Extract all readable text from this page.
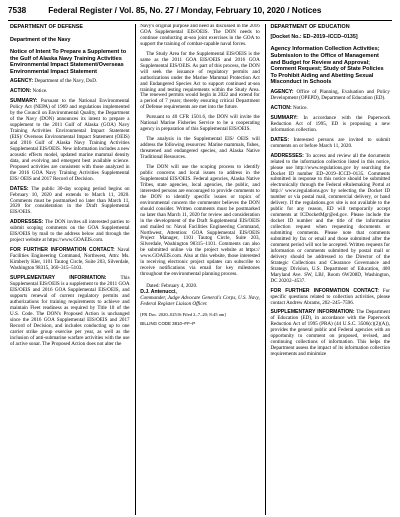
7538	Federal Register / Vol. 85, No. 27 / Monday, February 10, 2020 / Notices
DEPARTMENT OF DEFENSE
Department of the Navy
Notice of Intent To Prepare a Supplement to the Gulf of Alaska Navy Training Activities Environmental Impact Statement/Overseas Environmental Impact Statement

AGENCY: Department of the Navy, DoD.

ACTION: Notice.

SUMMARY: Pursuant to the National Environmental Policy Act (NEPA) of 1969 and regulations implemented by the Council on Environmental Quality, the Department of the Navy (DON) announces its intent to prepare a supplement to the 2011 Gulf of Alaska (GOA) Navy Training Activities Environmental Impact Statement (EIS)/ Overseas Environmental Impact Statement (OEIS) and 2016 Gulf of Alaska Navy Training Activities Supplemental EIS/OEIS. New information includes a new acoustic effects model, updated marine mammal density data, and evolving and emergent best available science. Proposed activities are consistent with those analyzed in the 2016 GOA Navy Training Activities Supplemental EIS/ OEIS and 2017 Record of Decision.

DATES: The public 30-day scoping period begins on February 10, 2020 and extends to March 11, 2020. Comments must be postmarked no later than March 11, 2020 for consideration in the Draft Supplemental EIS/OEIS.

ADDRESSES: The DON invites all interested parties to submit scoping comments on the GOA Supplemental EIS/OEIS by mail to the address below and through the project website at https://www.GOAEIS.com.

FOR FURTHER INFORMATION CONTACT: Naval Facilities Engineering Command, Northwest, Attn: Ms. Kimberly Kler, 1101 Tautog Circle, Suite 203, Silverdale, Washington 98315, 360–315–5103.

SUPPLEMENTARY INFORMATION:	This Supplemental EIS/OEIS is a supplement to the 2011 GOA EIS/OEIS and 2016 GOA Supplemental EIS/OEIS, and supports renewal of current regulatory permits and authorizations for training requirements to achieve and maintain Fleet readiness as required by Title 10 of the U.S. Code. The DON's Proposed Action is unchanged since the 2016 GOA Supplemental EIS/OEIS and 2017 Record of Decision, and includes conducting up to one carrier strike group exercise per year, as well as the inclusion of anti-submarine warfare activities with the use of active sonar. The Proposed Action does not alter the

Navy's original purpose and need as discussed in the 2016 GOA Supplemental EIS/OEIS. The DON needs to continue conducting at-sea joint exercises in the GOA to support the training of combat-capable naval forces.

The Study Area for the Supplemental EIS/OEIS is the same as the 2011 GOA EIS/OEIS and 2016 GOA Supplemental EIS/OEIS. As part of this process, the DON will seek the issuance of regulatory permits and authorizations under the Marine Mammal Protection Act and Endangered Species Act to support continued at-sea training and testing requirements within the Study Area. The renewed permits would begin in 2022 and extend for a period of 7 years; thereby ensuring critical Department of Defense requirements are met into the future.

Pursuant to 40 CFR 1501.6, the DON will invite the National Marine Fisheries Service to be a cooperating agency in preparation of this Supplemental EIS/OEIS.

The analysis in the Supplemental EIS/ OEIS will address the following resources: Marine mammals, fishes, threatened and endangered species, and Alaska Native Traditional Resources.

The DON will use the scoping process to identify public concerns and local issues to address in the Supplemental EIS/OEIS. Federal agencies, Alaska Native Tribes, state agencies, local agencies, the public, and interested persons are encouraged to provide comments to the DON to identify specific issues or topics of environmental concern the commenter believes the DON should consider. Written comments must be postmarked no later than March 11, 2020 for review and consideration in the development of the Draft Supplemental EIS/OEIS and mailed to: Naval Facilities Engineering Command, Northwest, Attention: GOA Supplemental EIS/OEIS Project Manager, 1101 Tautog Circle, Suite 203, Silverdale, Washington 98315–1101. Comments can also be submitted online via the project website at https:// www.GOAEIS.com. Also at this website, those interested in receiving electronic project updates can subscribe to receive notifications via email for key milestones throughout the environmental planning process.

Dated: February 4, 2020.
D.J. Antenucci,
Commander, Judge Advocate General's Corps, U.S. Navy, Federal Register Liaison Officer.
[FR Doc. 2020–02516 Filed 2–7–20; 8:45 am]
BILLING CODE 3810–FF–P
DEPARTMENT OF EDUCATION
[Docket No.: ED–2019–ICCD–0135]
Agency Information Collection Activities; Submission to the Office of Management and Budget for Review and Approval; Comment Request; Study of State Policies To Prohibit Aiding and Abetting Sexual Misconduct in Schools

AGENCY: Office of Planning, Evaluation and Policy Development (OPEPD), Department of Education (ED).

ACTION: Notice.

SUMMARY: In accordance with the Paperwork Reduction Act of 1995, ED is proposing a new information collection.

DATES: Interested persons are invited to submit comments on or before March 11, 2020.

ADDRESSES: To access and review all the documents related to the information collection listed in this notice, please use http://www.regulations.gov by searching the Docket ID number ED–2019–ICCD–0135. Comments submitted in response to this notice should be submitted electronically through the Federal eRulemaking Portal at http:// www.regulations.gov by selecting the Docket ID number or via postal mail, commercial delivery, or hand delivery. If the regulations.gov site is not available to the public for any reason, ED will temporarily accept comments at ICDocketMgr@ed.gov. Please include the docket ID number and the title of the information collection request when requesting documents or submitting comments. Please note that comments submitted by fax or email and those submitted after the comment period will not be accepted. Written requests for information or comments submitted by postal mail or delivery should be addressed to the Director of the Strategic Collections and Clearance Governance and Strategy Division, U.S. Department of Education, 400 Maryland Ave. SW, LBJ, Room 6W208D, Washington, DC 20202–4537.

FOR FURTHER INFORMATION CONTACT: For specific questions related to collection activities, please contact Andrew Abrams, 202–245–7596.

SUPPLEMENTARY INFORMATION: The Department of Education (ED), in accordance with the Paperwork Reduction Act of 1995 (PRA) (44 U.S.C. 3506(c)(2)(A)), provides the general public and Federal agencies with an opportunity to comment on proposed, revised, and continuing collections of information. This helps the Department assess the impact of its information collection requirements and minimize
